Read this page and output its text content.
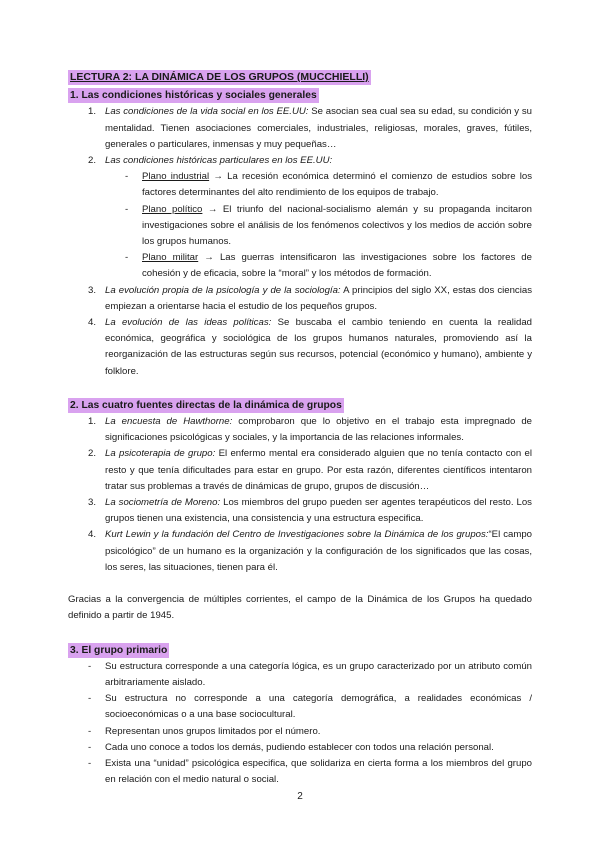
LECTURA 2: LA DINÁMICA DE LOS GRUPOS (MUCCHIELLI)
1. Las condiciones históricas y sociales generales
1. Las condiciones de la vida social en los EE.UU: Se asocian sea cual sea su edad, su condición y su mentalidad. Tienen asociaciones comerciales, industriales, religiosas, morales, graves, fútiles, generales o particulares, inmensas y muy pequeñas…
2. Las condiciones históricas particulares en los EE.UU:
- Plano industrial → La recesión económica determinó el comienzo de estudios sobre los factores determinantes del alto rendimiento de los equipos de trabajo.
- Plano político → El triunfo del nacional-socialismo alemán y su propaganda incitaron investigaciones sobre el análisis de los fenómenos colectivos y los medios de acción sobre los grupos humanos.
- Plano militar → Las guerras intensificaron las investigaciones sobre los factores de cohesión y de eficacia, sobre la “moral” y los métodos de formación.
3. La evolución propia de la psicología y de la sociología: A principios del siglo XX, estas dos ciencias empiezan a orientarse hacia el estudio de los pequeños grupos.
4. La evolución de las ideas políticas: Se buscaba el cambio teniendo en cuenta la realidad económica, geográfica y sociológica de los grupos humanos naturales, promoviendo así la reorganización de las estructuras según sus recursos, potencial (económico y humano), ambiente y folklore.
2. Las cuatro fuentes directas de la dinámica de grupos
1. La encuesta de Hawthorne: comprobaron que lo objetivo en el trabajo esta impregnado de significaciones psicológicas y sociales, y la importancia de las relaciones informales.
2. La psicoterapia de grupo: El enfermo mental era considerado alguien que no tenía contacto con el resto y que tenía dificultades para estar en grupo. Por esta razón, diferentes científicos intentaron tratar sus problemas a través de dinámicas de grupo, grupos de discusión…
3. La sociometría de Moreno: Los miembros del grupo pueden ser agentes terapéuticos del resto. Los grupos tienen una existencia, una consistencia y una estructura especifica.
4. Kurt Lewin y la fundación del Centro de Investigaciones sobre la Dinámica de los grupos:“El campo psicológico” de un humano es la organización y la configuración de los significados que las cosas, los seres, las situaciones, tienen para él.

Gracias a la convergencia de múltiples corrientes, el campo de la Dinámica de los Grupos ha quedado definido a partir de 1945.

3. El grupo primario
- Su estructura corresponde a una categoría lógica, es un grupo caracterizado por un atributo común arbitrariamente aislado.
- Su estructura no corresponde a una categoría demográfica, a realidades económicas / socioeconómicas o a una base sociocultural.
- Representan unos grupos limitados por el número.
- Cada uno conoce a todos los demás, pudiendo establecer con todos una relación personal.
- Exista una “unidad” psicológica especifica, que solidariza en cierta forma a los miembros del grupo en relación con el medio natural o social.
2
